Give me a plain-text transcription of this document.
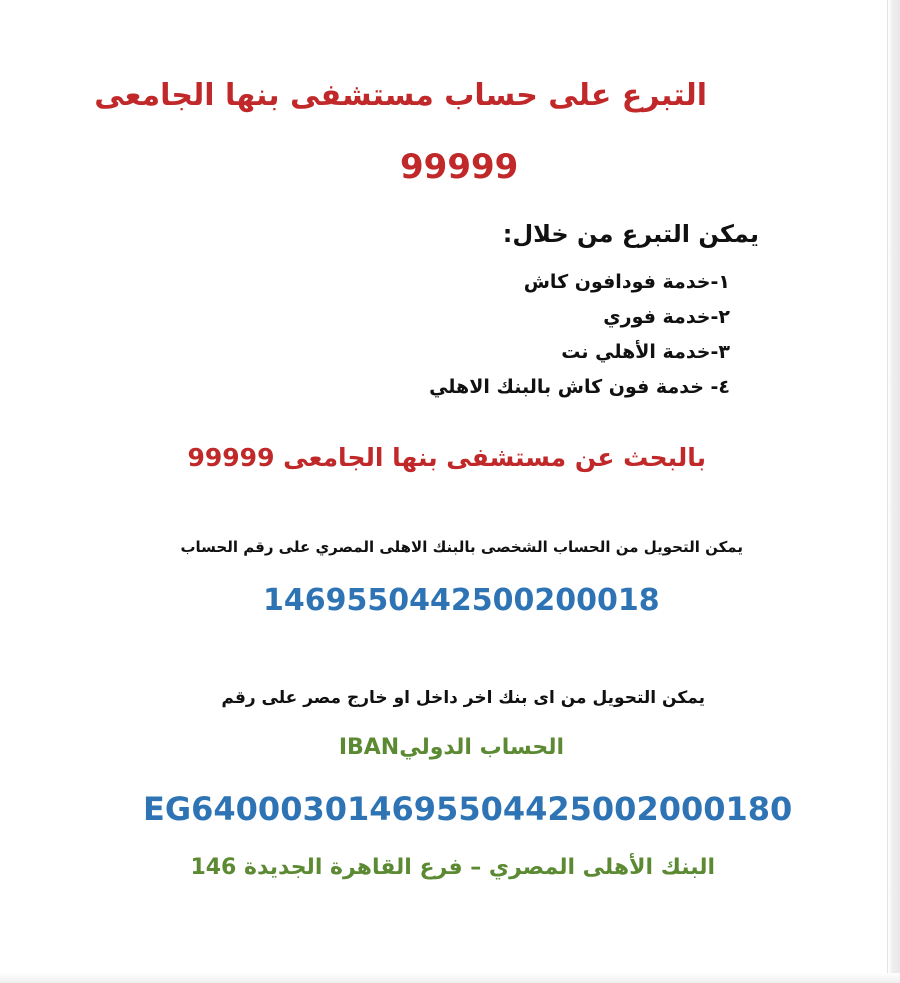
التبرع على حساب مستشفى بنها الجامعى

99999

يمكن التبرع من خلال:

١-خدمة فودافون كاش
٢-خدمة فوري
٣-خدمة الأهلي نت
٤- خدمة فون كاش بالبنك الاهلي

بالبحث عن مستشفى بنها الجامعى 99999

يمكن التحويل من الحساب الشخصى بالبنك الاهلى المصري على رقم الحساب

1469550442500200018

يمكن التحويل من اى بنك اخر داخل او خارج مصر على رقم

الحساب الدوليIBAN

EG640003014695504425002000180

البنك الأهلى المصري – فرع القاهرة الجديدة 146
